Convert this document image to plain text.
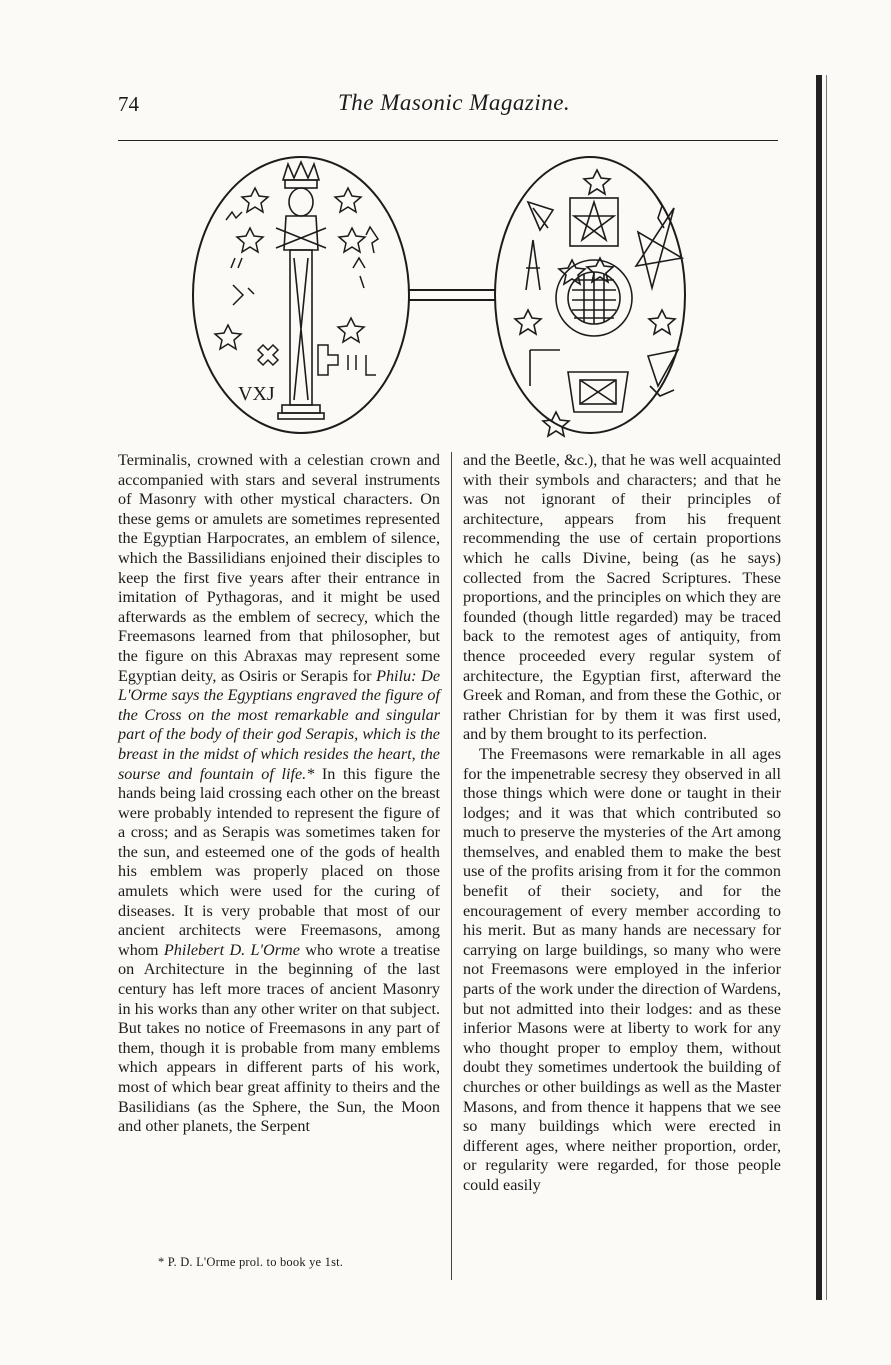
74	The Masonic Magazine.
VXJ

Terminalis, crowned with a celestian crown and accompanied with stars and several instruments of Masonry with other mystical characters. On these gems or amulets are sometimes represented the Egyptian Harpocrates, an emblem of silence, which the Bassilidians enjoined their disciples to keep the first five years after their entrance in imitation of Pythagoras, and it might be used afterwards as the emblem of secrecy, which the Freemasons learned from that philosopher, but the figure on this Abraxas may represent some Egyptian deity, as Osiris or Serapis for Philu: De L'Orme says the Egyptians engraved the figure of the Cross on the most remarkable and singular part of the body of their god Serapis, which is the breast in the midst of which resides the heart, the sourse and fountain of life.* In this figure the hands being laid crossing each other on the breast were probably intended to represent the figure of a cross; and as Serapis was sometimes taken for the sun, and esteemed one of the gods of health his emblem was properly placed on those amulets which were used for the curing of diseases. It is very probable that most of our ancient architects were Freemasons, among whom Philebert D. L'Orme who wrote a treatise on Architecture in the beginning of the last century has left more traces of ancient Masonry in his works than any other writer on that subject. But takes no notice of Freemasons in any part of them, though it is probable from many emblems which appears in different parts of his work, most of which bear great affinity to theirs and the Basilidians (as the Sphere, the Sun, the Moon and other planets, the Serpent

and the Beetle, &c.), that he was well acquainted with their symbols and characters; and that he was not ignorant of their principles of architecture, appears from his frequent recommending the use of certain proportions which he calls Divine, being (as he says) collected from the Sacred Scriptures. These proportions, and the principles on which they are founded (though little regarded) may be traced back to the remotest ages of antiquity, from thence proceeded every regular system of architecture, the Egyptian first, afterward the Greek and Roman, and from these the Gothic, or rather Christian for by them it was first used, and by them brought to its perfection.

The Freemasons were remarkable in all ages for the impenetrable secresy they observed in all those things which were done or taught in their lodges; and it was that which contributed so much to preserve the mysteries of the Art among themselves, and enabled them to make the best use of the profits arising from it for the common benefit of their society, and for the encouragement of every member according to his merit. But as many hands are necessary for carrying on large buildings, so many who were not Freemasons were employed in the inferior parts of the work under the direction of Wardens, but not admitted into their lodges: and as these inferior Masons were at liberty to work for any who thought proper to employ them, without doubt they sometimes undertook the building of churches or other buildings as well as the Master Masons, and from thence it happens that we see so many buildings which were erected in different ages, where neither proportion, order, or regularity were regarded, for those people could easily

* P. D. L'Orme prol. to book ye 1st.
